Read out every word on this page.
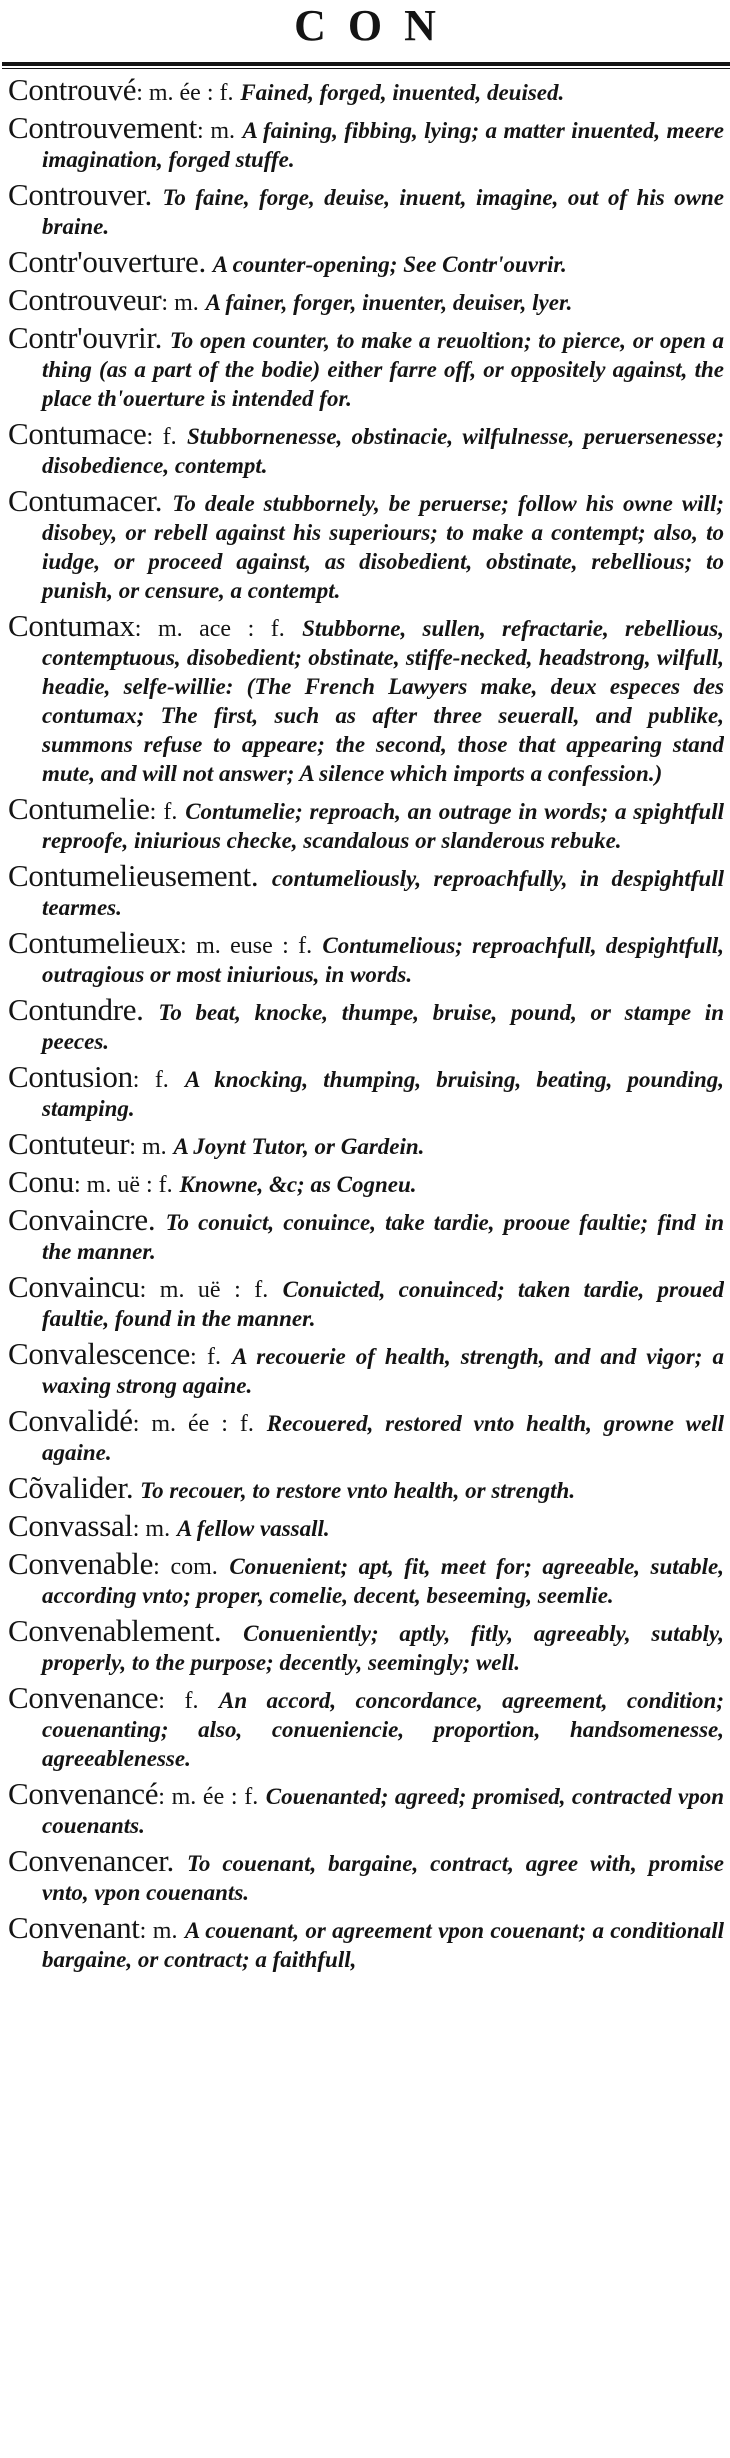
CON

Controuvé: m. ée : f. Fained, forged, inuented, deuised.

Controuvement: m. A faining, fibbing, lying; a matter inuented, meere imagination, forged stuffe.

Controuver. To faine, forge, deuise, inuent, imagine, out of his owne braine.

Contr'ouverture. A counter-opening; See Contr'ouvrir.

Controuveur: m. A fainer, forger, inuenter, deuiser, lyer.

Contr'ouvrir. To open counter, to make a reuoltion; to pierce, or open a thing (as a part of the bodie) either farre off, or oppositely against, the place th'ouerture is intended for.

Contumace: f. Stubbornenesse, obstinacie, wilfulnesse, peruersenesse; disobedience, contempt.

Contumacer. To deale stubbornely, be peruerse; follow his owne will; disobey, or rebell against his superiours; to make a contempt; also, to iudge, or proceed against, as disobedient, obstinate, rebellious; to punish, or censure, a contempt.

Contumax: m. ace : f. Stubborne, sullen, refractarie, rebellious, contemptuous, disobedient; obstinate, stiffe-necked, headstrong, wilfull, headie, selfe-willie: (The French Lawyers make, deux especes des contumax; The first, such as after three seuerall, and publike, summons refuse to appeare; the second, those that appearing stand mute, and will not answer; A silence which imports a confession.)

Contumelie: f. Contumelie; reproach, an outrage in words; a spightfull reproofe, iniurious checke, scandalous or slanderous rebuke.

Contumelieusement. contumeliously, reproachfully, in despightfull tearmes.

Contumelieux: m. euse : f. Contumelious; reproachfull, despightfull, outragious or most iniurious, in words.

Contundre. To beat, knocke, thumpe, bruise, pound, or stampe in peeces.

Contusion: f. A knocking, thumping, bruising, beating, pounding, stamping.

Contuteur: m. A Joynt Tutor, or Gardein.

Conu: m. uë : f. Knowne, &c; as Cogneu.

Convaincre. To conuict, conuince, take tardie, prooue faultie; find in the manner.

Convaincu: m. uë : f. Conuicted, conuinced; taken tardie, proued faultie, found in the manner.

Convalescence: f. A recouerie of health, strength, and and vigor; a waxing strong againe.

Convalidé: m. ée : f. Recouered, restored vnto health, growne well againe.

Cõvalider. To recouer, to restore vnto health, or strength.

Convassal: m. A fellow vassall.

Convenable: com. Conuenient; apt, fit, meet for; agreeable, sutable, according vnto; proper, comelie, decent, beseeming, seemlie.

Convenablement. Conueniently; aptly, fitly, agreeably, sutably, properly, to the purpose; decently, seemingly; well.

Convenance: f. An accord, concordance, agreement, condition; couenanting; also, conueniencie, proportion, handsomenesse, agreeablenesse.

Convenancé: m. ée : f. Couenanted; agreed; promised, contracted vpon couenants.

Convenancer. To couenant, bargaine, contract, agree with, promise vnto, vpon couenants.

Convenant: m. A couenant, or agreement vpon couenant; a conditionall bargaine, or contract; a faithfull,
